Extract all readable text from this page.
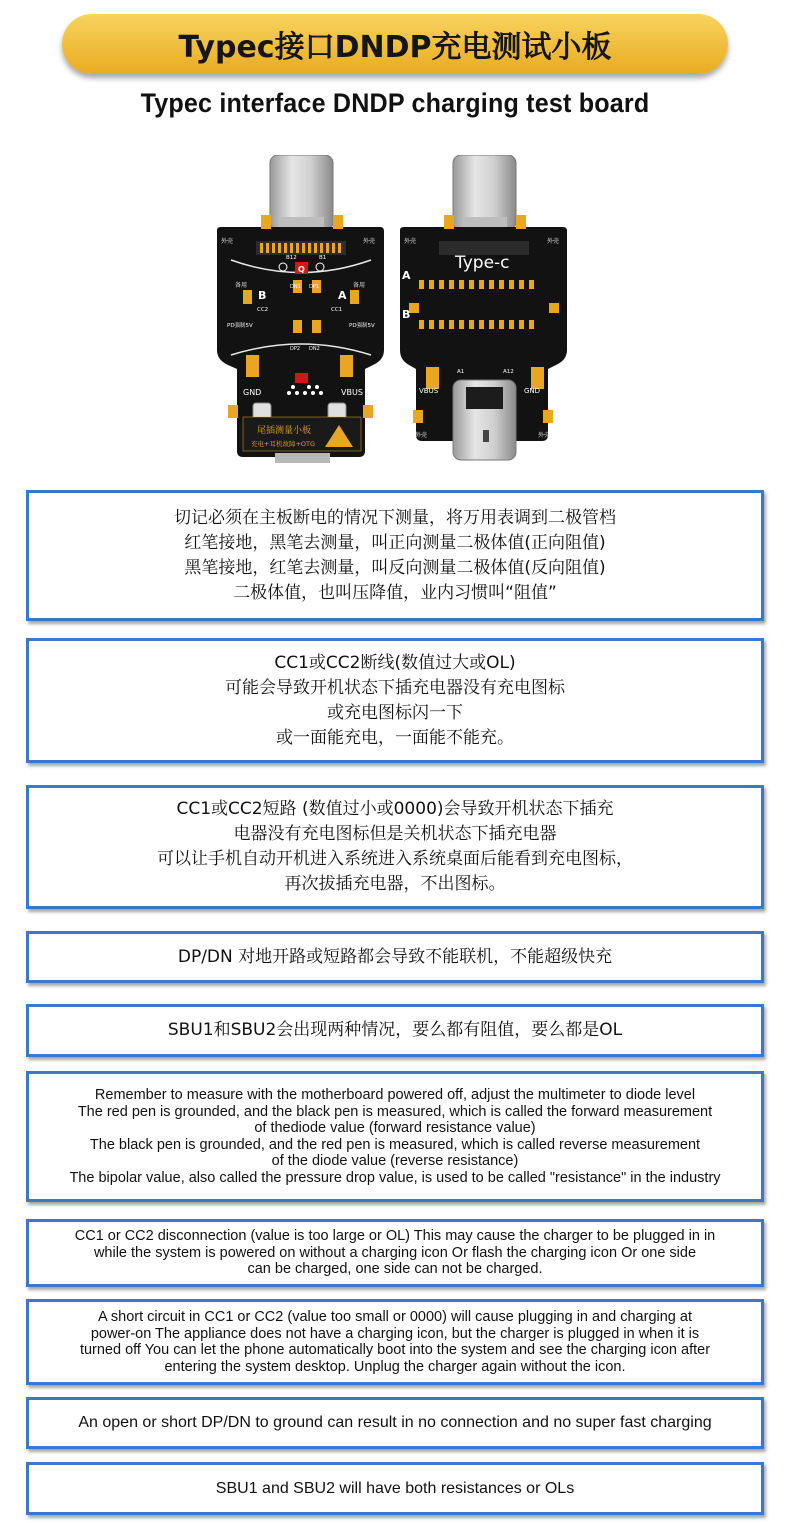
Typec接口DNDP充电测试小板
Typec interface DNDP charging test board
外壳	外壳
B12	B1
Q
B	A
备用	备用
CC2	CC1
DN1 DP1
DP2 DN2
PD强制5V	PD强制5V
GND	VBUS
尾插测量小板
充电+耳机故障+OTG
外壳	外壳
Type-c
A
B
VBUS	GND
A1	A12
外壳	外壳
切记必须在主板断电的情况下测量，将万用表调到二极管档
红笔接地，黑笔去测量，叫正向测量二极体值(正向阻值)
黑笔接地，红笔去测量，叫反向测量二极体值(反向阻值)
二极体值，也叫压降值，业内习惯叫“阻值”
CC1或CC2断线(数值过大或OL)
可能会导致开机状态下插充电器没有充电图标
或充电图标闪一下
或一面能充电，一面能不能充。
CC1或CC2短路 (数值过小或0000)会导致开机状态下插充
电器没有充电图标但是关机状态下插充电器
可以让手机自动开机进入系统进入系统桌面后能看到充电图标，
再次拔插充电器，不出图标。
DP/DN 对地开路或短路都会导致不能联机，不能超级快充
SBU1和SBU2会出现两种情况，要么都有阻值，要么都是OL
Remember to measure with the motherboard powered off, adjust the multimeter to diode level
The red pen is grounded, and the black pen is measured, which is called the forward measurement
of thediode value (forward resistance value)
The black pen is grounded, and the red pen is measured, which is called reverse measurement
of the diode value (reverse resistance)
The bipolar value, also called the pressure drop value, is used to be called "resistance" in the industry
CC1 or CC2 disconnection (value is too large or OL) This may cause the charger to be plugged in in
while the system is powered on without a charging icon Or flash the charging icon Or one side
can be charged, one side can not be charged.
A short circuit in CC1 or CC2 (value too small or 0000) will cause plugging in and charging at
power-on The appliance does not have a charging icon, but the charger is plugged in when it is
turned off You can let the phone automatically boot into the system and see the charging icon after
entering the system desktop. Unplug the charger again without the icon.
An open or short DP/DN to ground can result in no connection and no super fast charging
SBU1 and SBU2 will have both resistances or OLs
